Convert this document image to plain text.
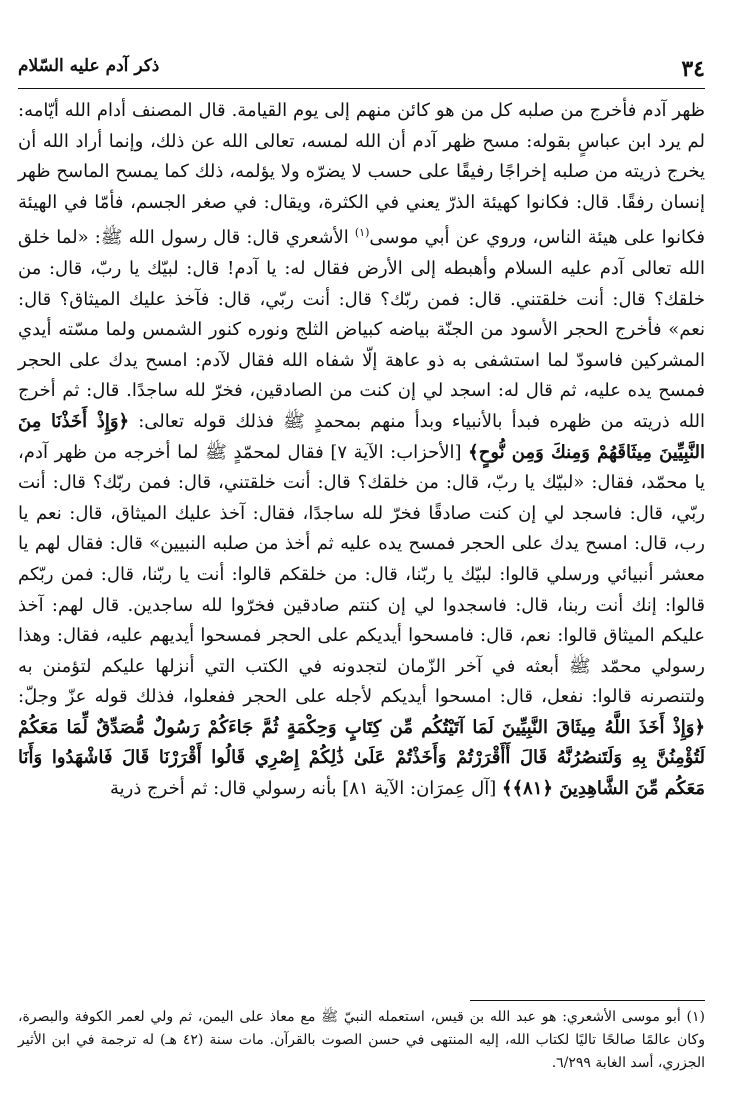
٣٤
ذكر آدم عليه السّلام

ظهر آدم فأخرج من صلبه كل من هو كائن منهم إلى يوم القيامة. قال المصنف أدام الله أيّامه: لم يرد ابن عباسٍ بقوله: مسح ظهر آدم أن الله لمسه، تعالى الله عن ذلك، وإنما أراد الله أن يخرج ذريته من صلبه إخراجًا رفيقًا على حسب لا يضرّه ولا يؤلمه، ذلك كما يمسح الماسح ظهر إنسان رفقًا. قال: فكانوا كهيئة الذرّ يعني في الكثرة، ويقال: في صغر الجسم، فأمّا في الهيئة فكانوا على هيئة الناس، وروي عن أبي موسى$^{(١)}$ الأشعري قال: قال رسول الله ﷺ: «لما خلق الله تعالى آدم عليه السلام وأهبطه إلى الأرض فقال له: يا آدم! قال: لبيّك يا ربّ، قال: من خلقك؟ قال: أنت خلقتني. قال: فمن ربّك؟ قال: أنت ربّي، قال: فآخذ عليك الميثاق؟ قال: نعم» فأخرج الحجر الأسود من الجنّة بياضه كبياض الثلج ونوره كنور الشمس ولما مسّته أيدي المشركين فاسودّ لما استشفى به ذو عاهة إلّا شفاه الله فقال لآدم: امسح يدك على الحجر فمسح يده عليه، ثم قال له: اسجد لي إن كنت من الصادقين، فخرّ لله ساجدًا. قال: ثم أخرج الله ذريته من ظهره فبدأ بالأنبياء وبدأ منهم بمحمدٍ ﷺ فذلك قوله تعالى: ﴿وَإِذْ أَخَذْنَا مِنَ النَّبِيِّينَ مِيثَاقَهُمْ وَمِنكَ وَمِن نُّوحٍ﴾ [الأحزاب: الآية ٧] فقال لمحمّدٍ ﷺ لما أخرجه من ظهر آدم، يا محمّد، فقال: «لبيّك يا ربّ، قال: من خلقك؟ قال: أنت خلقتني، قال: فمن ربّك؟ قال: أنت ربّي، قال: فاسجد لي إن كنت صادقًا فخرّ لله ساجدًا، فقال: آخذ عليك الميثاق، قال: نعم يا رب، قال: امسح يدك على الحجر فمسح يده عليه ثم أخذ من صلبه النبيين» قال: فقال لهم يا معشر أنبيائي ورسلي قالوا: لبيّك يا ربّنا، قال: من خلقكم قالوا: أنت يا ربّنا، قال: فمن ربّكم قالوا: إنك أنت ربنا، قال: فاسجدوا لي إن كنتم صادقين فخرّوا لله ساجدين. قال لهم: آخذ عليكم الميثاق قالوا: نعم، قال: فامسحوا أيديكم على الحجر فمسحوا أيديهم عليه، فقال: وهذا رسولي محمّد ﷺ أبعثه في آخر الزّمان لتجدونه في الكتب التي أنزلها عليكم لتؤمنن به ولتنصرنه قالوا: نفعل، قال: امسحوا أيديكم لأجله على الحجر ففعلوا، فذلك قوله عزّ وجلّ: ﴿وَإِذْ أَخَذَ اللَّهُ مِيثَاقَ النَّبِيِّينَ لَمَا آتَيْتُكُم مِّن كِتَابٍ وَحِكْمَةٍ ثُمَّ جَاءَكُمْ رَسُولٌ مُّصَدِّقٌ لِّمَا مَعَكُمْ لَتُؤْمِنُنَّ بِهِ وَلَتَنصُرُنَّهُ قَالَ أَأَقْرَرْتُمْ وَأَخَذْتُمْ عَلَىٰ ذَٰلِكُمْ إِصْرِي قَالُوا أَقْرَرْنَا قَالَ فَاشْهَدُوا وَأَنَا مَعَكُم مِّنَ الشَّاهِدِينَ ﴿٨١﴾﴾ [آل عِمرَان: الآية ٨١] بأنه رسولي قال: ثم أخرج ذرية

(١) أبو موسى الأشعري: هو عبد الله بن قيس، استعمله النبيّ ﷺ مع معاذ على اليمن، ثم ولي لعمر الكوفة والبصرة، وكان عالمًا صالحًا تاليًا لكتاب الله، إليه المنتهى في حسن الصوت بالقرآن. مات سنة (٤٢ هـ) له ترجمة في ابن الأثير الجزري، أسد الغابة ٦/٢٩٩.
